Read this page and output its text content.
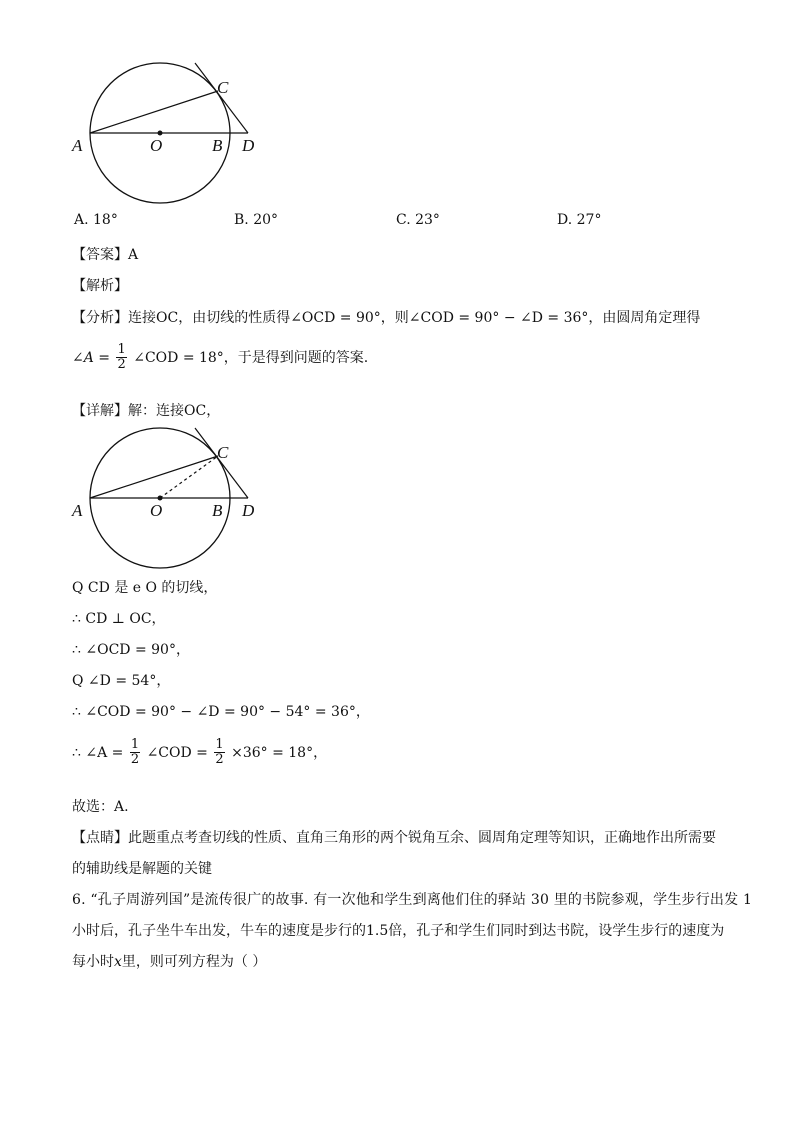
A	O	B
C
D
A. 18°	B. 20°	C. 23°	D. 27°
【答案】A
【解析】
【分析】连接OC，由切线的性质得∠OCD = 90°，则∠COD = 90° − ∠D = 36°，由圆周角定理得
∠A = $\frac{1}{2}$ ∠COD = 18°，于是得到问题的答案.
【详解】解：连接OC，
A	O	B
C
D
Q CD 是 e O 的切线，
∴ CD ⊥ OC，
∴ ∠OCD = 90°，
Q ∠D = 54°，
∴ ∠COD = 90° − ∠D = 90° − 54° = 36°，
∴ ∠A = $\frac{1}{2}$ ∠COD = $\frac{1}{2} \times 36^\circ = 18^\circ$，
故选：A.
【点睛】此题重点考查切线的性质、直角三角形的两个锐角互余、圆周角定理等知识，正确地作出所需要
的辅助线是解题的关键
6. “孔子周游列国”是流传很广的故事. 有一次他和学生到离他们住的驿站 30 里的书院参观，学生步行出发 1
小时后，孔子坐牛车出发，牛车的速度是步行的1.5倍，孔子和学生们同时到达书院，设学生步行的速度为
每小时x里，则可列方程为（ ）
